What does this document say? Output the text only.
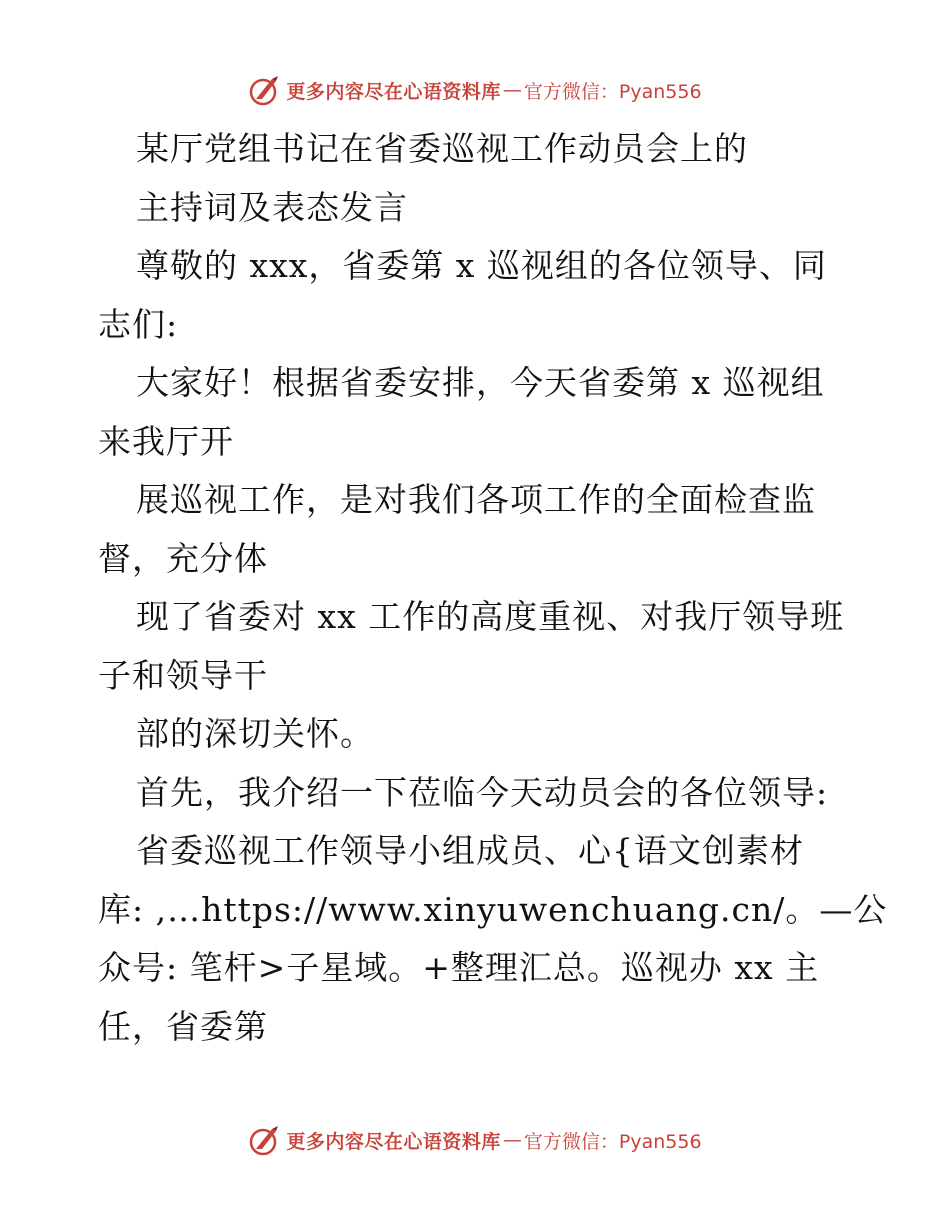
更多内容尽在心语资料库 — 官方微信：Pyan556
某厅党组书记在省委巡视工作动员会上的
主持词及表态发言
尊敬的 xxx，省委第 x 巡视组的各位领导、同
志们:
大家好！根据省委安排，今天省委第 x 巡视组
来我厅开
展巡视工作，是对我们各项工作的全面检查监
督，充分体
现了省委对 xx 工作的高度重视、对我厅领导班
子和领导干
部的深切关怀。
首先，我介绍一下莅临今天动员会的各位领导:
省委巡视工作领导小组成员、心{语文创素材
库: ,…https://www.xinyuwenchuang.cn/。—公
众号: 笔杆>子星域。+整理汇总。巡视办 xx 主
任，省委第
更多内容尽在心语资料库 — 官方微信：Pyan556
